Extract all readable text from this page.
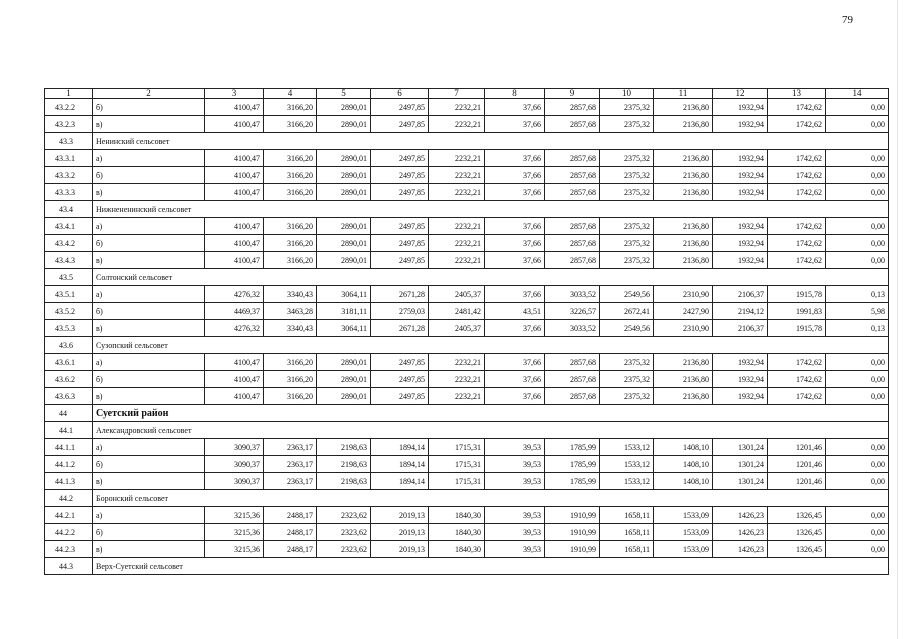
79
1	2	3	4	5	6	7	8	9	10	11	12	13	14
43.2.2	б)	4100,47	3166,20	2890,01	2497,85	2232,21	37,66	2857,68	2375,32	2136,80	1932,94	1742,62	0,00
43.2.3	в)	4100,47	3166,20	2890,01	2497,85	2232,21	37,66	2857,68	2375,32	2136,80	1932,94	1742,62	0,00
43.3	Ненинский сельсовет												
43.3.1	а)	4100,47	3166,20	2890,01	2497,85	2232,21	37,66	2857,68	2375,32	2136,80	1932,94	1742,62	0,00
43.3.2	б)	4100,47	3166,20	2890,01	2497,85	2232,21	37,66	2857,68	2375,32	2136,80	1932,94	1742,62	0,00
43.3.3	в)	4100,47	3166,20	2890,01	2497,85	2232,21	37,66	2857,68	2375,32	2136,80	1932,94	1742,62	0,00
43.4	Нижнененинский сельсовет												
43.4.1	а)	4100,47	3166,20	2890,01	2497,85	2232,21	37,66	2857,68	2375,32	2136,80	1932,94	1742,62	0,00
43.4.2	б)	4100,47	3166,20	2890,01	2497,85	2232,21	37,66	2857,68	2375,32	2136,80	1932,94	1742,62	0,00
43.4.3	в)	4100,47	3166,20	2890,01	2497,85	2232,21	37,66	2857,68	2375,32	2136,80	1932,94	1742,62	0,00
43.5	Солтонский сельсовет												
43.5.1	а)	4276,32	3340,43	3064,11	2671,28	2405,37	37,66	3033,52	2549,56	2310,90	2106,37	1915,78	0,13
43.5.2	б)	4469,37	3463,28	3181,11	2759,03	2481,42	43,51	3226,57	2672,41	2427,90	2194,12	1991,83	5,98
43.5.3	в)	4276,32	3340,43	3064,11	2671,28	2405,37	37,66	3033,52	2549,56	2310,90	2106,37	1915,78	0,13
43.6	Сузопский сельсовет												
43.6.1	а)	4100,47	3166,20	2890,01	2497,85	2232,21	37,66	2857,68	2375,32	2136,80	1932,94	1742,62	0,00
43.6.2	б)	4100,47	3166,20	2890,01	2497,85	2232,21	37,66	2857,68	2375,32	2136,80	1932,94	1742,62	0,00
43.6.3	в)	4100,47	3166,20	2890,01	2497,85	2232,21	37,66	2857,68	2375,32	2136,80	1932,94	1742,62	0,00
44	Суетский район												
44.1	Александровский сельсовет												
44.1.1	а)	3090,37	2363,17	2198,63	1894,14	1715,31	39,53	1785,99	1533,12	1408,10	1301,24	1201,46	0,00
44.1.2	б)	3090,37	2363,17	2198,63	1894,14	1715,31	39,53	1785,99	1533,12	1408,10	1301,24	1201,46	0,00
44.1.3	в)	3090,37	2363,17	2198,63	1894,14	1715,31	39,53	1785,99	1533,12	1408,10	1301,24	1201,46	0,00
44.2	Боронский сельсовет												
44.2.1	а)	3215,36	2488,17	2323,62	2019,13	1840,30	39,53	1910,99	1658,11	1533,09	1426,23	1326,45	0,00
44.2.2	б)	3215,36	2488,17	2323,62	2019,13	1840,30	39,53	1910,99	1658,11	1533,09	1426,23	1326,45	0,00
44.2.3	в)	3215,36	2488,17	2323,62	2019,13	1840,30	39,53	1910,99	1658,11	1533,09	1426,23	1326,45	0,00
44.3	Верх-Суетский сельсовет												
